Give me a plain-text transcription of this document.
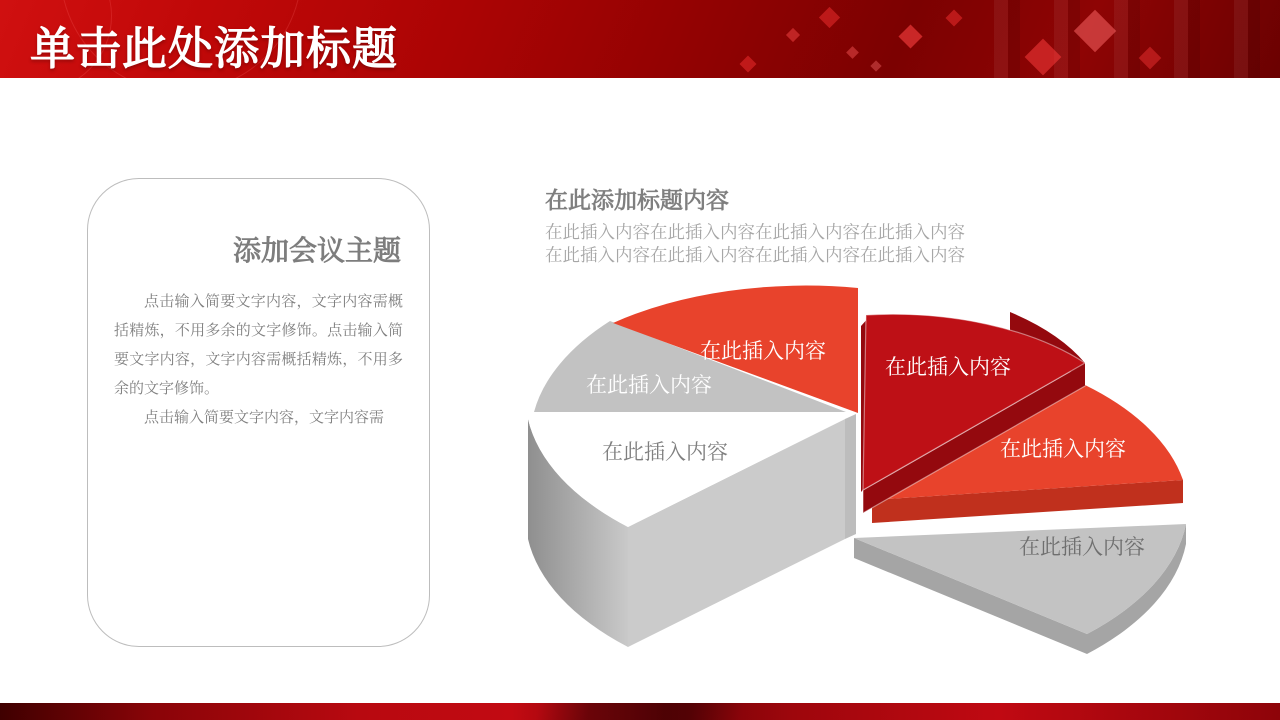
单击此处添加标题
添加会议主题

点击输入简要文字内容，文字内容需概括精炼，不用多余的文字修饰。点击输入简要文字内容，文字内容需概括精炼，不用多余的文字修饰。

点击输入简要文字内容，文字内容需

在此添加标题内容

在此插入内容在此插入内容在此插入内容在此插入内容

在此插入内容在此插入内容在此插入内容在此插入内容

在此插入内容
在此插入内容
在此插入内容
在此插入内容
在此插入内容
在此插入内容
